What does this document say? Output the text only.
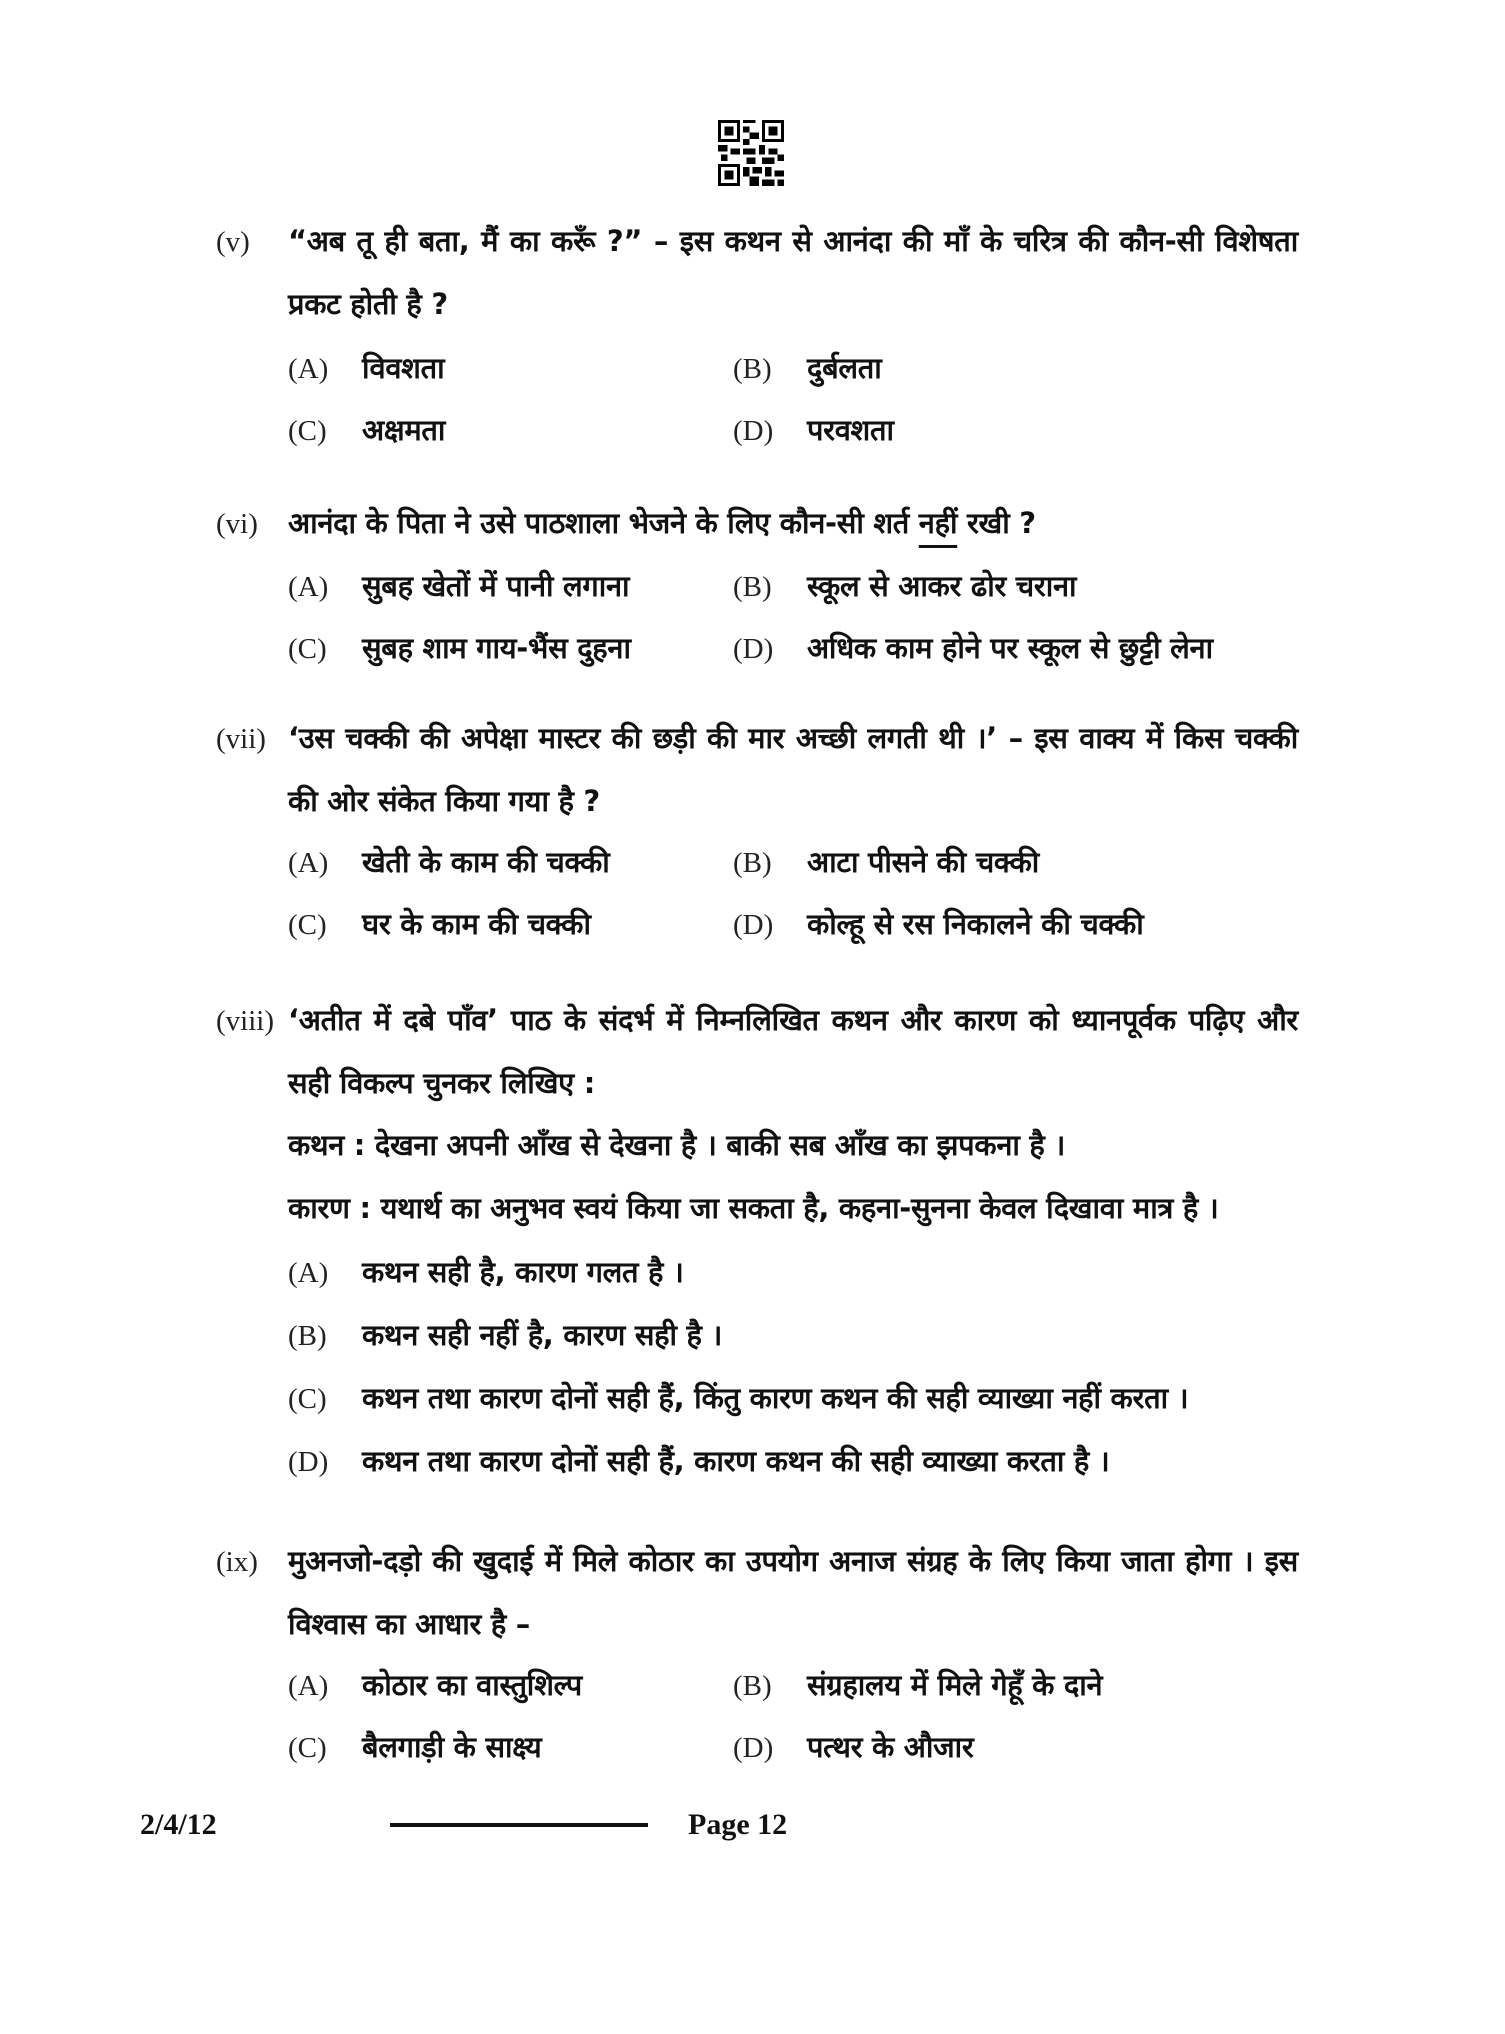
(v) “अब तू ही बता, मैं का करूँ ?” – इस कथन से आनंदा की माँ के चरित्र की कौन-सी विशेषता प्रकट होती है ?
(A) विवशता	(B) दुर्बलता
(C) अक्षमता	(D) परवशता
(vi) आनंदा के पिता ने उसे पाठशाला भेजने के लिए कौन-सी शर्त नहीं रखी ?
(A) सुबह खेतों में पानी लगाना	(B) स्कूल से आकर ढोर चराना
(C) सुबह शाम गाय-भैंस दुहना	(D) अधिक काम होने पर स्कूल से छुट्टी लेना
(vii) ‘उस चक्की की अपेक्षा मास्टर की छड़ी की मार अच्छी लगती थी ।’ – इस वाक्य में किस चक्की की ओर संकेत किया गया है ?
(A) खेती के काम की चक्की	(B) आटा पीसने की चक्की
(C) घर के काम की चक्की	(D) कोल्हू से रस निकालने की चक्की
(viii) ‘अतीत में दबे पाँव’ पाठ के संदर्भ में निम्नलिखित कथन और कारण को ध्यानपूर्वक पढ़िए और सही विकल्प चुनकर लिखिए :
कथन : देखना अपनी आँख से देखना है । बाकी सब आँख का झपकना है ।
कारण : यथार्थ का अनुभव स्वयं किया जा सकता है, कहना-सुनना केवल दिखावा मात्र है ।
(A) कथन सही है, कारण गलत है ।
(B) कथन सही नहीं है, कारण सही है ।
(C) कथन तथा कारण दोनों सही हैं, किंतु कारण कथन की सही व्याख्या नहीं करता ।
(D) कथन तथा कारण दोनों सही हैं, कारण कथन की सही व्याख्या करता है ।
(ix) मुअनजो-दड़ो की खुदाई में मिले कोठार का उपयोग अनाज संग्रह के लिए किया जाता होगा । इस विश्वास का आधार है –
(A) कोठार का वास्तुशिल्प	(B) संग्रहालय में मिले गेहूँ के दाने
(C) बैलगाड़ी के साक्ष्य	(D) पत्थर के औजार
2/4/12	Page 12
